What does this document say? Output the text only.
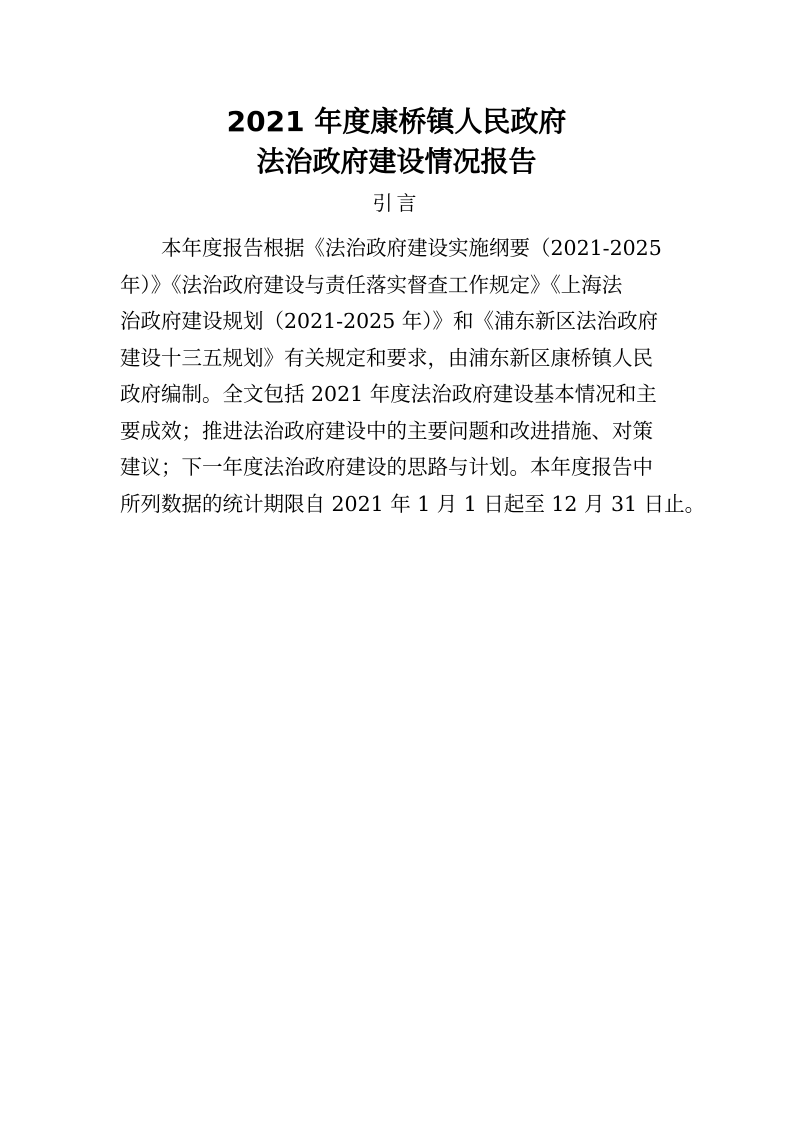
2021 年度康桥镇人民政府
法治政府建设情况报告
引言
本年度报告根据《法治政府建设实施纲要（2021-2025
年）》《法治政府建设与责任落实督查工作规定》《上海法
治政府建设规划（2021-2025 年）》和《浦东新区法治政府
建设十三五规划》有关规定和要求，由浦东新区康桥镇人民
政府编制。全文包括 2021 年度法治政府建设基本情况和主
要成效；推进法治政府建设中的主要问题和改进措施、对策
建议；下一年度法治政府建设的思路与计划。本年度报告中
所列数据的统计期限自 2021 年 1 月 1 日起至 12 月 31 日止。
